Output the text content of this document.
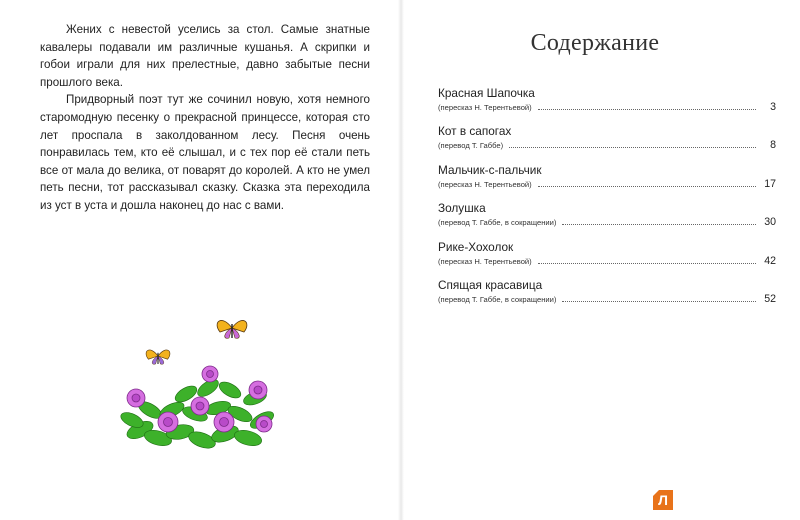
Жених с невестой уселись за стол. Самые знатные кавалеры подавали им различные кушанья. А скрипки и гобои играли для них прелестные, давно забытые песни прошлого века.

Придворный поэт тут же сочинил новую, хотя немного старомодную песенку о прекрасной принцессе, которая сто лет проспала в заколдованном лесу. Песня очень понравилась тем, кто её слышал, и с тех пор её стали петь все от мала до велика, от поварят до королей. А кто не умел петь песни, тот рассказывал сказку. Сказка эта переходила из уст в уста и дошла наконец до нас с вами.

Содержание
Красная Шапочка
(пересказ Н. Терентьевой)	3
Кот в сапогах
(перевод Т. Габбе)	8
Мальчик-с-пальчик
(пересказ Н. Терентьевой)	17
Золушка
(перевод Т. Габбе, в сокращении)	30
Рике-Хохолок
(пересказ Н. Терентьевой)	42
Спящая красавица
(перевод Т. Габбе, в сокращении)	52
Л
